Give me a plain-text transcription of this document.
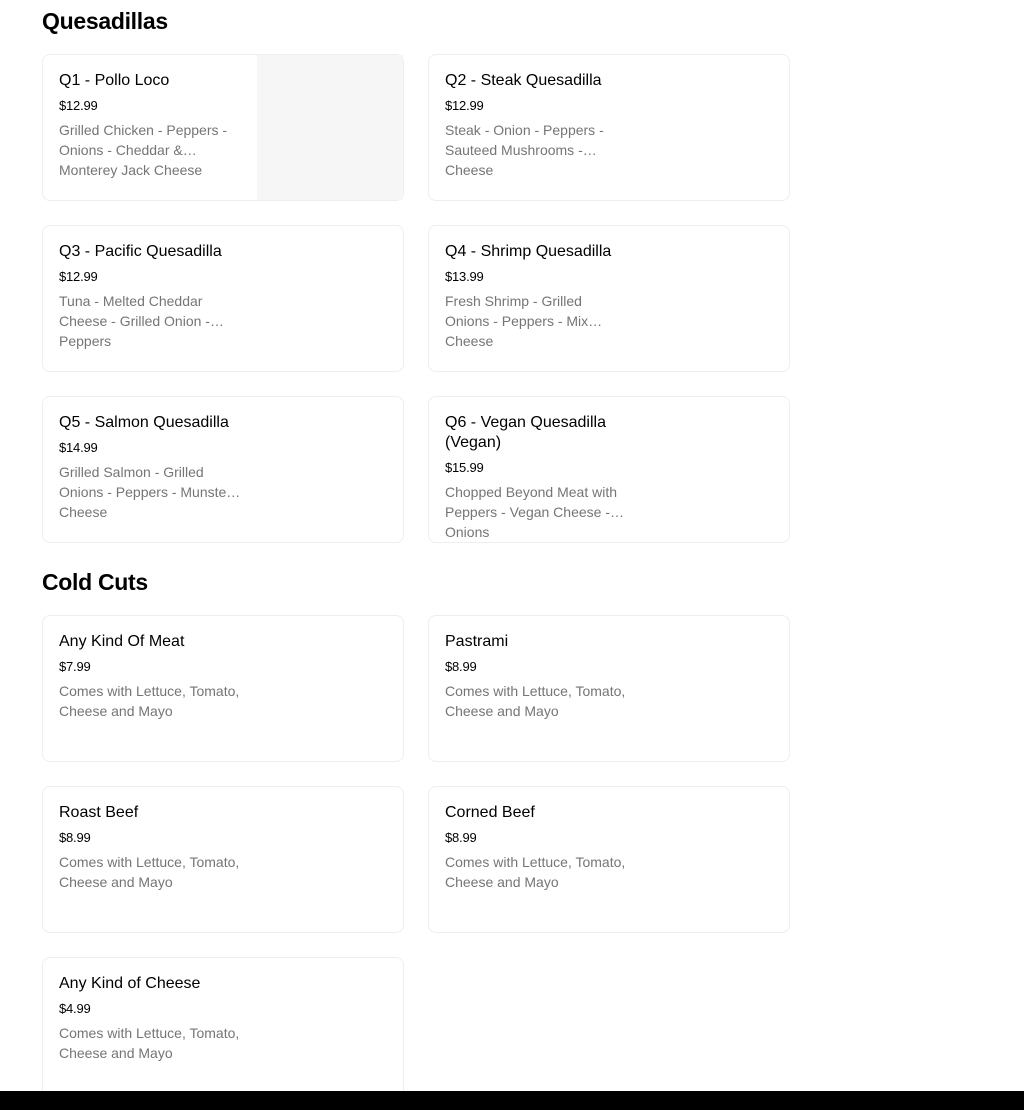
Quesadillas
Q1 - Pollo Loco
$12.99
Grilled Chicken - Peppers - Onions - Cheddar & Monterey Jack Cheese
Q2 - Steak Quesadilla
$12.99
Steak - Onion - Peppers - Sauteed Mushrooms - Cheese
Q3 - Pacific Quesadilla
$12.99
Tuna - Melted Cheddar Cheese - Grilled Onion - Peppers
Q4 - Shrimp Quesadilla
$13.99
Fresh Shrimp - Grilled Onions - Peppers - Mix Cheese
Q5 - Salmon Quesadilla
$14.99
Grilled Salmon - Grilled Onions - Peppers - Munster Cheese
Q6 - Vegan Quesadilla (Vegan)
$15.99
Chopped Beyond Meat with Peppers - Vegan Cheese - Onions
Cold Cuts
Any Kind Of Meat
$7.99
Comes with Lettuce, Tomato, Cheese and Mayo
Pastrami
$8.99
Comes with Lettuce, Tomato, Cheese and Mayo
Roast Beef
$8.99
Comes with Lettuce, Tomato, Cheese and Mayo
Corned Beef
$8.99
Comes with Lettuce, Tomato, Cheese and Mayo
Any Kind of Cheese
$4.99
Comes with Lettuce, Tomato, Cheese and Mayo
